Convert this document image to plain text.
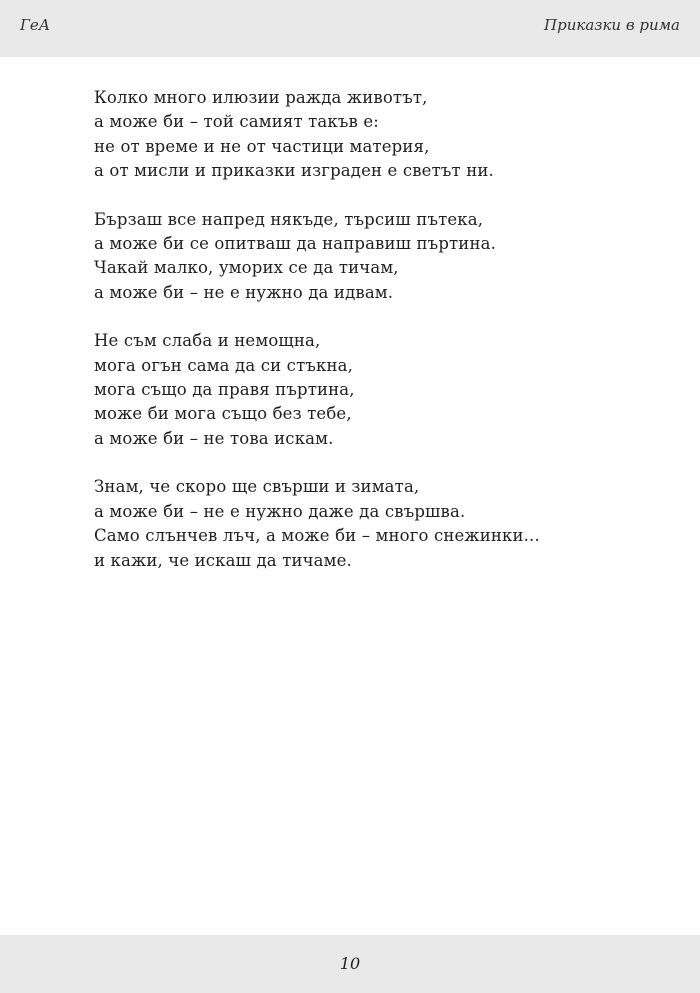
ГеА	Приказки в рима
Колко много илюзии ражда животът,
а може би – той самият такъв е:
не от време и не от частици материя,
а от мисли и приказки изграден е светът ни.
Бързаш все напред някъде, търсиш пътека,
а може би се опитваш да направиш пъртина.
Чакай малко, уморих се да тичам,
а може би – не е нужно да идвам.
Не съм слаба и немощна,
мога огън сама да си стъкна,
мога също да правя пъртина,
може би мога също без тебе,
а може би – не това искам.
Знам, че скоро ще свърши и зимата,
а може би – не е нужно даже да свършва.
Само слънчев лъч, а може би – много снежинки...
и кажи, че искаш да тичаме.
10
